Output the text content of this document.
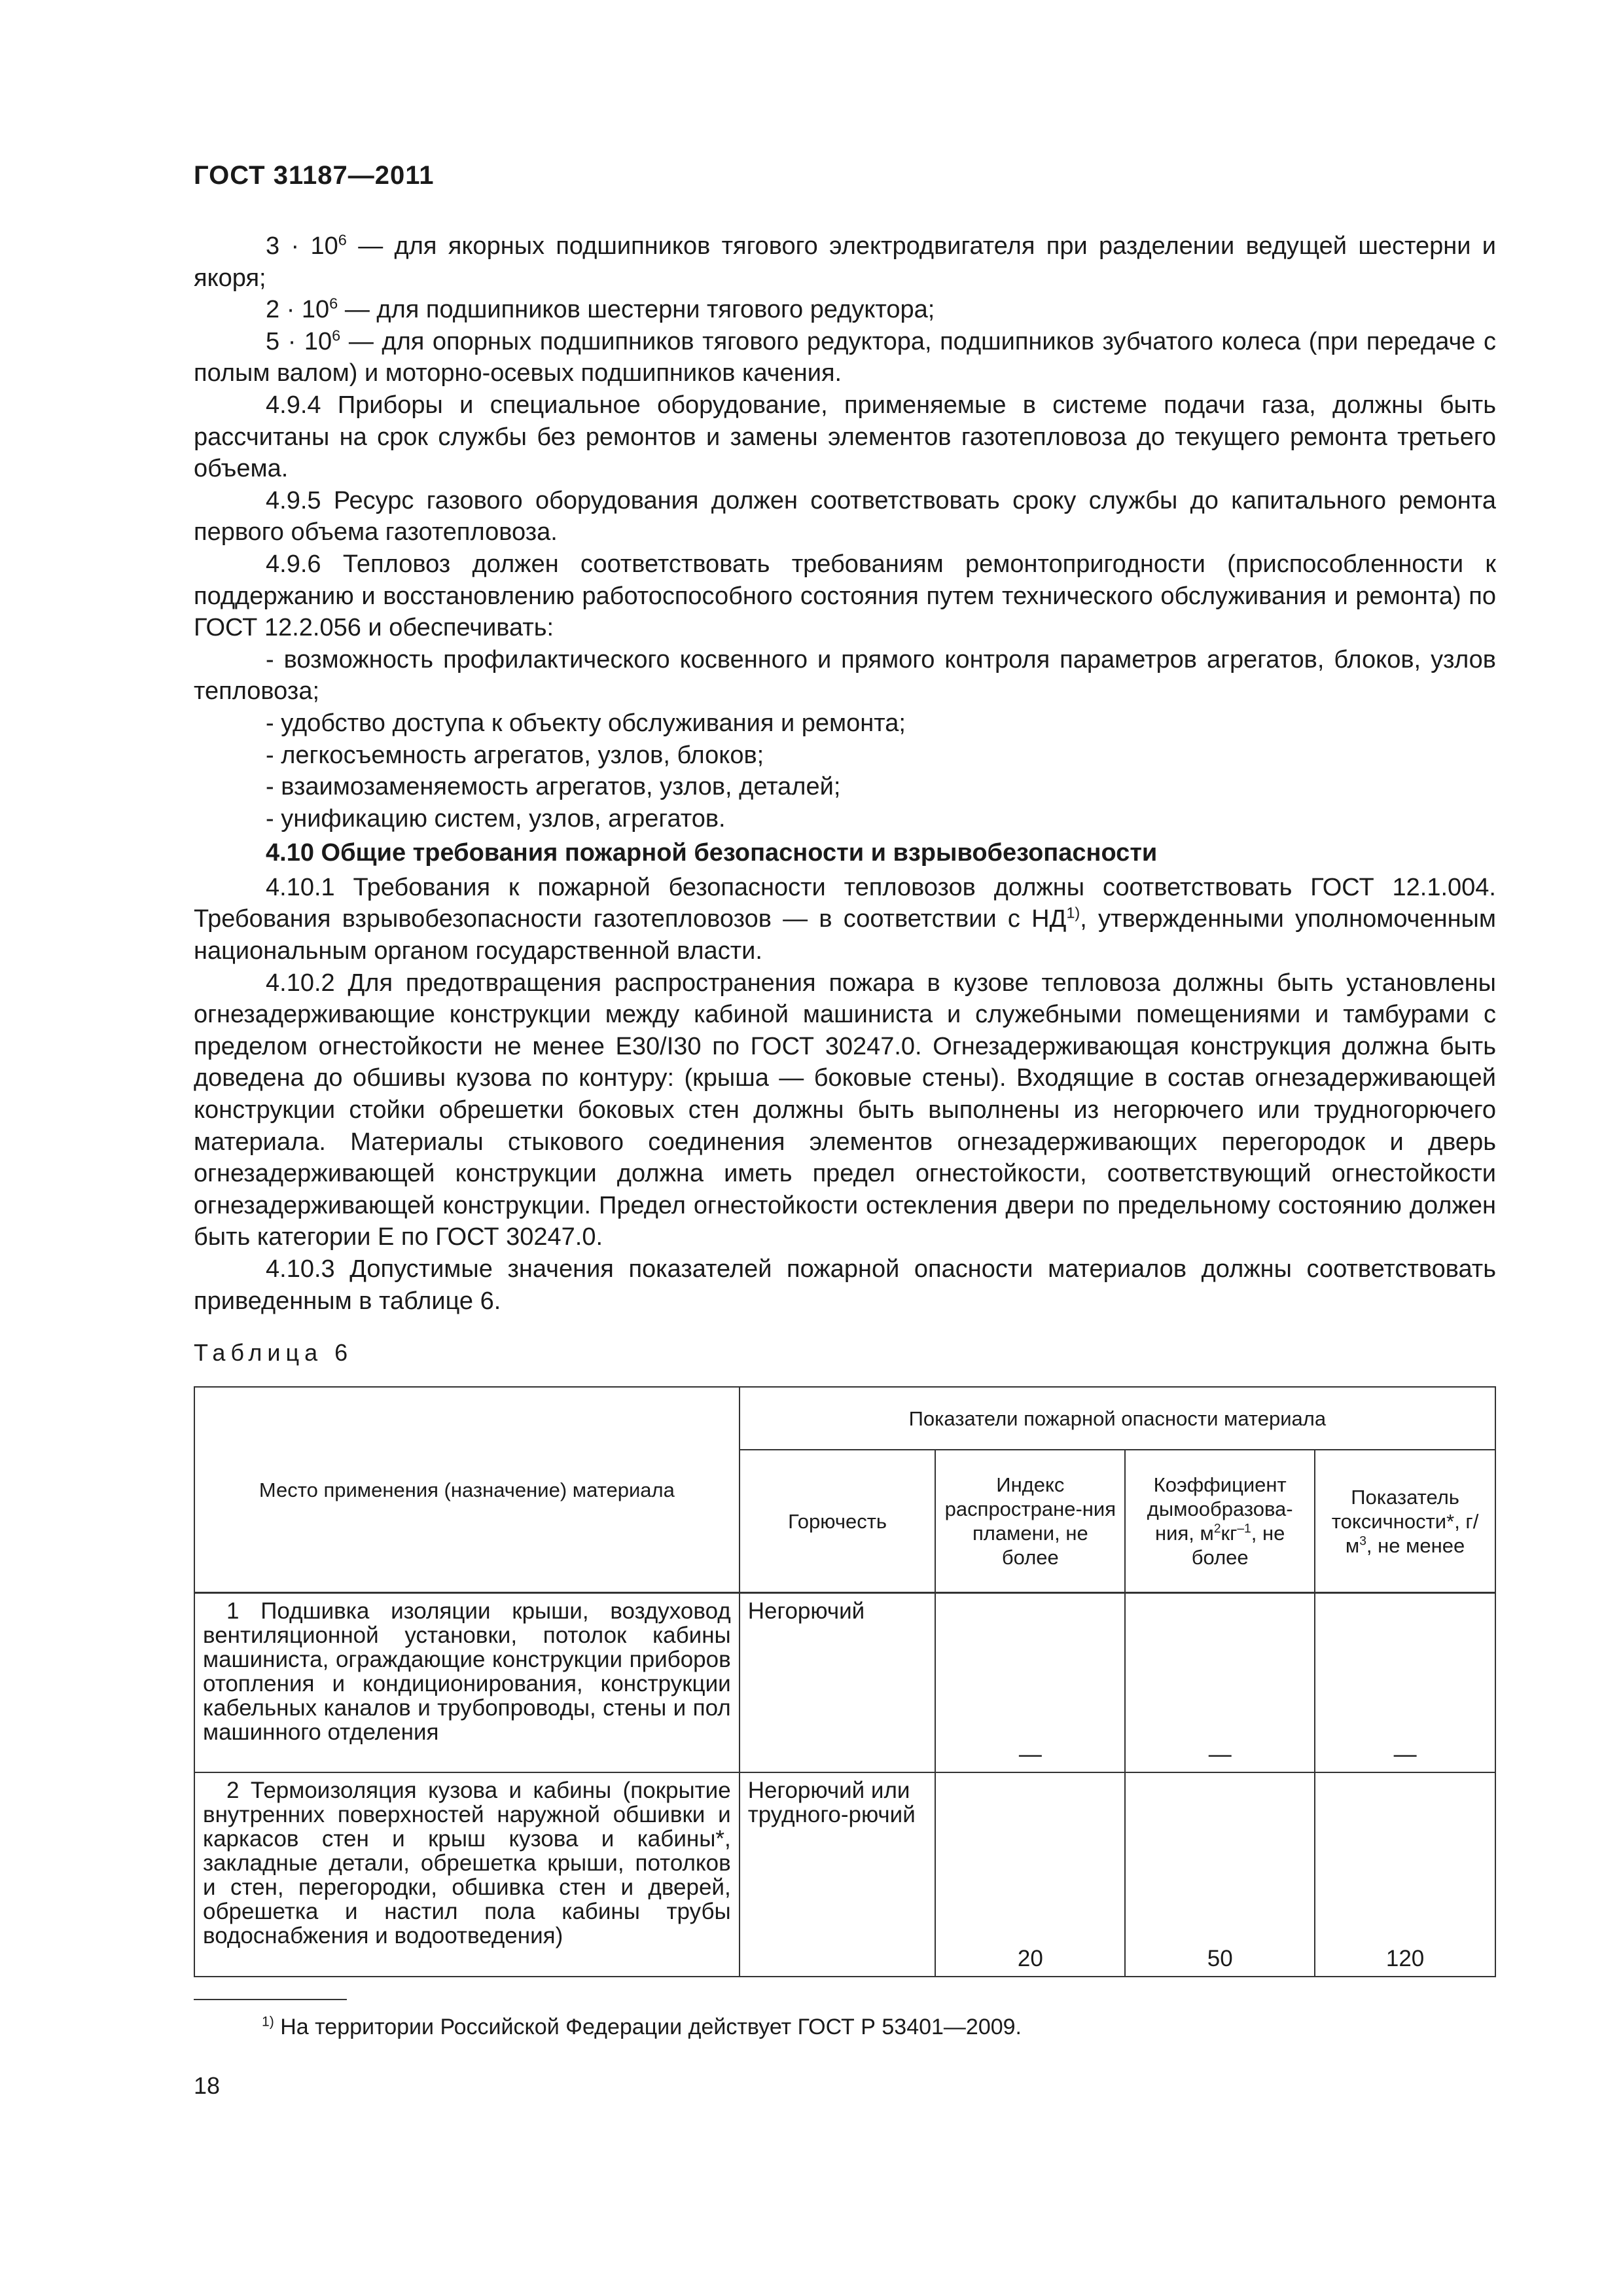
ГОСТ 31187—2011

$3 \cdot 10^6$ — для якорных подшипников тягового электродвигателя при разделении ведущей шестерни и якоря;

$2 \cdot 10^6$ — для подшипников шестерни тягового редуктора;

$5 \cdot 10^6$ — для опорных подшипников тягового редуктора, подшипников зубчатого колеса (при передаче с полым валом) и моторно-осевых подшипников качения.

4.9.4 Приборы и специальное оборудование, применяемые в системе подачи газа, должны быть рассчитаны на срок службы без ремонтов и замены элементов газотепловоза до текущего ремонта третьего объема.

4.9.5 Ресурс газового оборудования должен соответствовать сроку службы до капитального ремонта первого объема газотепловоза.

4.9.6 Тепловоз должен соответствовать требованиям ремонтопригодности (приспособленности к поддержанию и восстановлению работоспособного состояния путем технического обслуживания и ремонта) по ГОСТ 12.2.056 и обеспечивать:

- возможность профилактического косвенного и прямого контроля параметров агрегатов, блоков, узлов тепловоза;

- удобство доступа к объекту обслуживания и ремонта;

- легкосъемность агрегатов, узлов, блоков;

- взаимозаменяемость агрегатов, узлов, деталей;

- унификацию систем, узлов, агрегатов.

4.10 Общие требования пожарной безопасности и взрывобезопасности

4.10.1 Требования к пожарной безопасности тепловозов должны соответствовать ГОСТ 12.1.004. Требования взрывобезопасности газотепловозов — в соответствии с НД$^{1)}$, утвержденными уполномоченным национальным органом государственной власти.

4.10.2 Для предотвращения распространения пожара в кузове тепловоза должны быть установлены огнезадерживающие конструкции между кабиной машиниста и служебными помещениями и тамбурами с пределом огнестойкости не менее Е30/I30 по ГОСТ 30247.0. Огнезадерживающая конструкция должна быть доведена до обшивы кузова по контуру: (крыша — боковые стены). Входящие в состав огнезадерживающей конструкции стойки обрешетки боковых стен должны быть выполнены из негорючего или трудногорючего материала. Материалы стыкового соединения элементов огнезадерживающих перегородок и дверь огнезадерживающей конструкции должна иметь предел огнестойкости, соответствующий огнестойкости огнезадерживающей конструкции. Предел огнестойкости остекления двери по предельному состоянию должен быть категории Е по ГОСТ 30247.0.

4.10.3 Допустимые значения показателей пожарной опасности материалов должны соответствовать приведенным в таблице 6.

Таблица 6
Место применения (назначение) материала	Показатели пожарной опасности материала			
	Горючесть	Индекс распростране-ния пламени, не более	Коэффициент дымообразова-ния, $м^2кг^{-1}$, не более	Показатель токсичности*, $г/м^3$, не менее
1 Подшивка изоляции крыши, воздуховод вентиляционной установки, потолок кабины машиниста, ограждающие конструкции приборов отопления и кондиционирования, конструкции кабельных каналов и трубопроводы, стены и пол машинного отделения	Негорючий	—	—	—
2 Термоизоляция кузова и кабины (покрытие внутренних поверхностей наружной обшивки и каркасов стен и крыш кузова и кабины*, закладные детали, обрешетка крыши, потолков и стен, перегородки, обшивка стен и дверей, обрешетка и настил пола кабины трубы водоснабжения и водоотведения)	Негорючий или трудного-рючий	20	50	120
$^{1)}$ На территории Российской Федерации действует ГОСТ Р 53401—2009.
18
